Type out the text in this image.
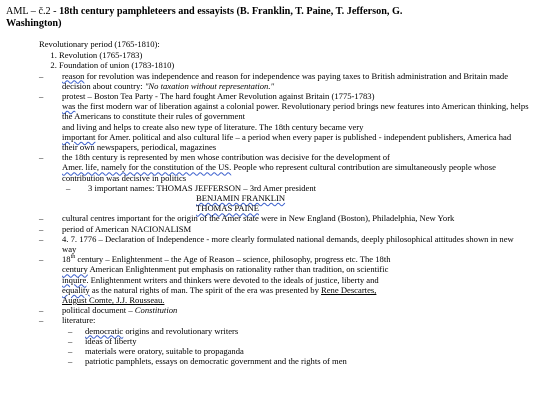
AML – č.2 - 18th century pamphleteers and essayists (B. Franklin, T. Paine, T. Jefferson, G.
Washington)
Revolutionary period (1765-1810):
1. Revolution (1765-1783)
2. Foundation of union (1783-1810)
– reason for revolution was independence and reason for independence was paying taxes to British administration and Britain made decision about country: "No taxation without representation."
– protest – Boston Tea Party - The hard fought Amer Revolution against Britain (1775-1783)
was the first modern war of liberation against a colonial power. Revolutionary period brings new features into American thinking, helps the Americans to constitute their rules of government
and living and helps to create also new type of literature. The 18th century became very
important for Amer. political and also cultural life – a period when every paper is published - independent publishers, America had their own newspapers, periodical, magazines
– the 18th century is represented by men whose contribution was decisive for the development of
Amer. life, namely for the constitution of the US. People who represent cultural contribution are simultaneously people whose contribution was decisive in politics
– 3 important names: THOMAS JEFFERSON – 3rd Amer president
BENJAMIN FRANKLIN
THOMAS PAINE
– cultural centres important for the origin of the Amer state were in New England (Boston), Philadelphia, New York
– period of American NACIONALISM
– 4. 7. 1776 – Declaration of Independence - more clearly formulated national demands, deeply philosophical attitudes shown in new way
– 18th century – Enlightenment – the Age of Reason – science, philosophy, progress etc. The 18th
century American Enlightenment put emphasis on rationality rather than tradition, on scientific
inquire. Enlightenment writers and thinkers were devoted to the ideals of justice, liberty and
equality as the natural rights of man. The spirit of the era was presented by Rene Descartes,
August Comte, J.J. Rousseau.
– political document – Constitution
– literature:
– democratic origins and revolutionary writers
– ideas of liberty
– materials were oratory, suitable to propaganda
– patriotic pamphlets, essays on democratic government and the rights of men
